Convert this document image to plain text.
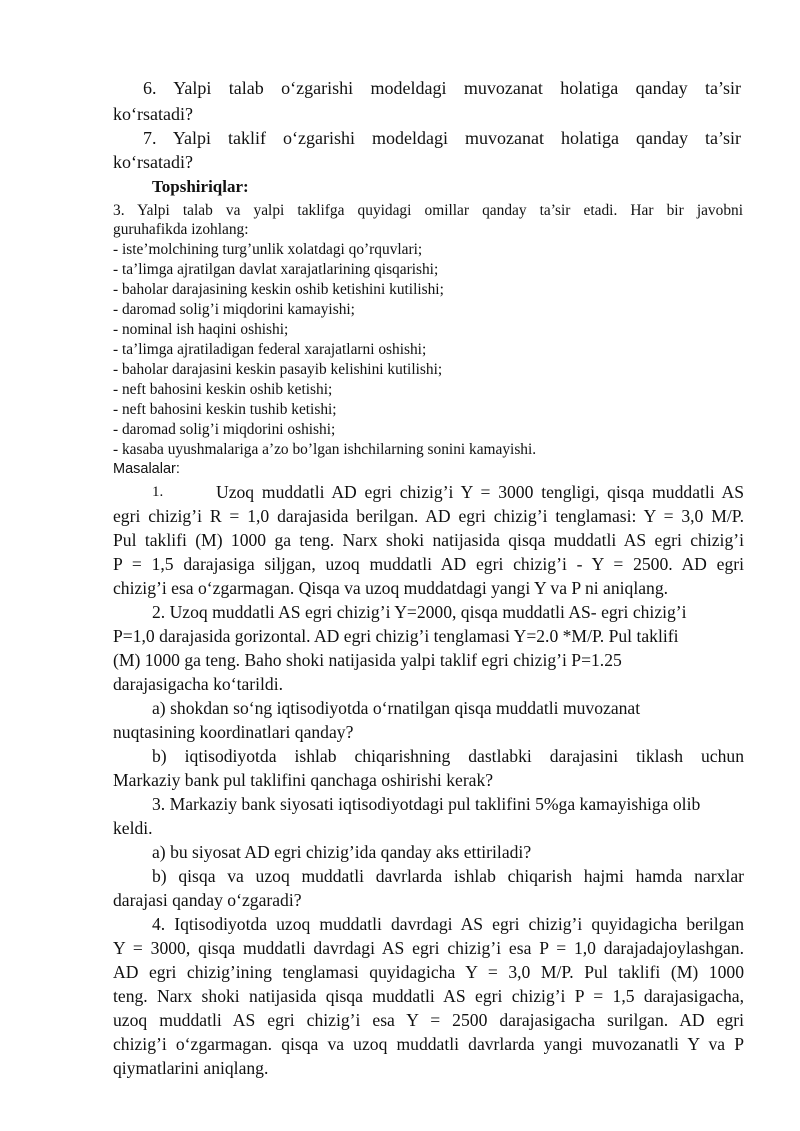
6. Yalpi talab o‘zgarishi modeldagi muvozanat holatiga qanday ta’sir
ko‘rsatadi?
7. Yalpi taklif o‘zgarishi modeldagi muvozanat holatiga qanday ta’sir
ko‘rsatadi?
Topshiriqlar:
3. Yalpi talab va yalpi taklifga quyidagi omillar qanday ta’sir etadi. Har bir javobni
guruhafikda izohlang:
- iste’molchining turg’unlik xolatdagi qo’rquvlari;
- ta’limga ajratilgan davlat xarajatlarining qisqarishi;
- baholar darajasining keskin oshib ketishini kutilishi;
- daromad solig’i miqdorini kamayishi;
- nominal ish haqini oshishi;
- ta’limga ajratiladigan federal xarajatlarni oshishi;
- baholar darajasini keskin pasayib kelishini kutilishi;
- neft bahosini keskin oshib ketishi;
- neft bahosini keskin tushib ketishi;
- daromad solig’i miqdorini oshishi;
- kasaba uyushmalariga a’zo bo’lgan ishchilarning sonini kamayishi.
Masalalar:
1.	Uzoq muddatli AD egri chizig’i Y = 3000 tengligi, qisqa muddatli AS
egri chizig’i R = 1,0 darajasida berilgan. AD egri chizig’i tenglamasi: Y = 3,0 M/P.
Pul taklifi (M) 1000 ga teng. Narx shoki natijasida qisqa muddatli AS egri chizig’i
P = 1,5 darajasiga siljgan, uzoq muddatli AD egri chizig’i - Y = 2500. AD egri
chizig’i esa o‘zgarmagan. Qisqa va uzoq muddatdagi yangi Y va P ni aniqlang.
2. Uzoq muddatli AS egri chizig’i Y=2000, qisqa muddatli AS- egri chizig’i
P=1,0 darajasida gorizontal. AD egri chizig’i tenglamasi Y=2.0 *M/P. Pul taklifi
(M) 1000 ga teng. Baho shoki natijasida yalpi taklif egri chizig’i P=1.25
darajasigacha ko‘tarildi.
a) shokdan so‘ng iqtisodiyotda o‘rnatilgan qisqa muddatli muvozanat
nuqtasining koordinatlari qanday?
b) iqtisodiyotda ishlab chiqarishning dastlabki darajasini tiklash uchun
Markaziy bank pul taklifini qanchaga oshirishi kerak?
3. Markaziy bank siyosati iqtisodiyotdagi pul taklifini 5%ga kamayishiga olib
keldi.
a) bu siyosat AD egri chizig’ida qanday aks ettiriladi?
b) qisqa va uzoq muddatli davrlarda ishlab chiqarish hajmi hamda narxlar
darajasi qanday o‘zgaradi?
4. Iqtisodiyotda uzoq muddatli davrdagi AS egri chizig’i quyidagicha berilgan
Y = 3000, qisqa muddatli davrdagi AS egri chizig’i esa P = 1,0 darajadajoylashgan.
AD egri chizig’ining tenglamasi quyidagicha Y = 3,0 M/P. Pul taklifi (M) 1000
teng. Narx shoki natijasida qisqa muddatli AS egri chizig’i P = 1,5 darajasigacha,
uzoq muddatli AS egri chizig’i esa Y = 2500 darajasigacha surilgan. AD egri
chizig’i o‘zgarmagan. qisqa va uzoq muddatli davrlarda yangi muvozanatli Y va P
qiymatlarini aniqlang.
